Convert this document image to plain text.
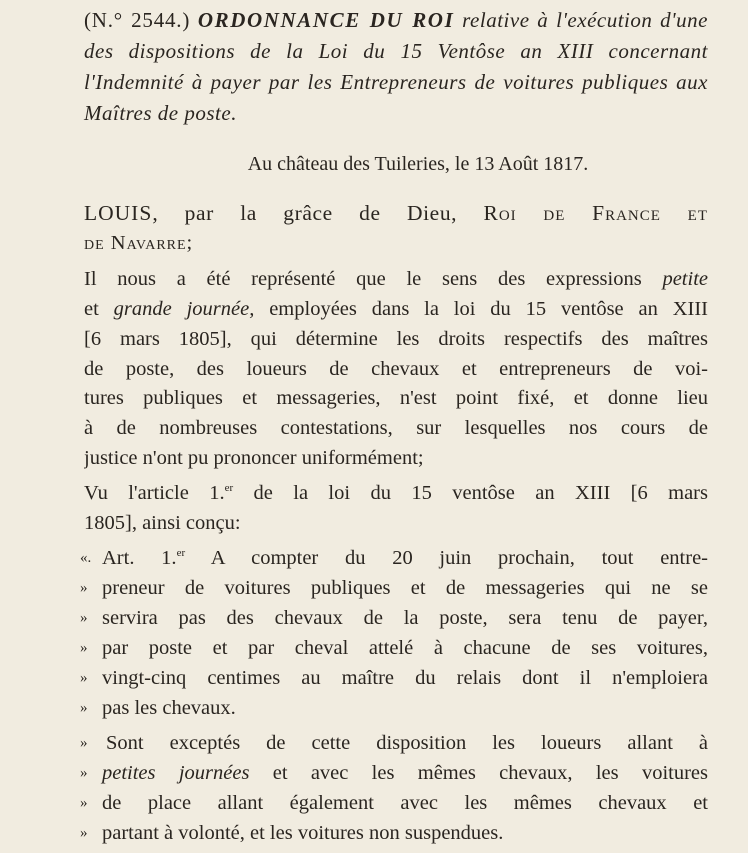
(N.° 2544.) ORDONNANCE DU ROI relative à l'exécution d'une des dispositions de la Loi du 15 Ventôse an XIII concernant l'Indemnité à payer par les Entrepreneurs de voitures publiques aux Maîtres de poste.

Au château des Tuileries, le 13 Août 1817.
LOUIS, par la grâce de Dieu, Roi de France et
de Navarre;
Il nous a été représenté que le sens des expressions petite
et grande journée, employées dans la loi du 15 ventôse an XIII
[6 mars 1805], qui détermine les droits respectifs des maîtres
de poste, des loueurs de chevaux et entrepreneurs de voi-
tures publiques et messageries, n'est point fixé, et donne lieu
à de nombreuses contestations, sur lesquelles nos cours de
justice n'ont pu prononcer uniformément;
Vu l'article 1.$^{er}$ de la loi du 15 ventôse an XIII [6 mars
1805], ainsi conçu:
«. Art. 1.$^{er}$ A compter du 20 juin prochain, tout entre-
» preneur de voitures publiques et de messageries qui ne se
» servira pas des chevaux de la poste, sera tenu de payer,
» par poste et par cheval attelé à chacune de ses voitures,
» vingt-cinq centimes au maître du relais dont il n'emploiera
» pas les chevaux.
» Sont exceptés de cette disposition les loueurs allant à
» petites journées et avec les mêmes chevaux, les voitures
» de place allant également avec les mêmes chevaux et
» partant à volonté, et les voitures non suspendues.
